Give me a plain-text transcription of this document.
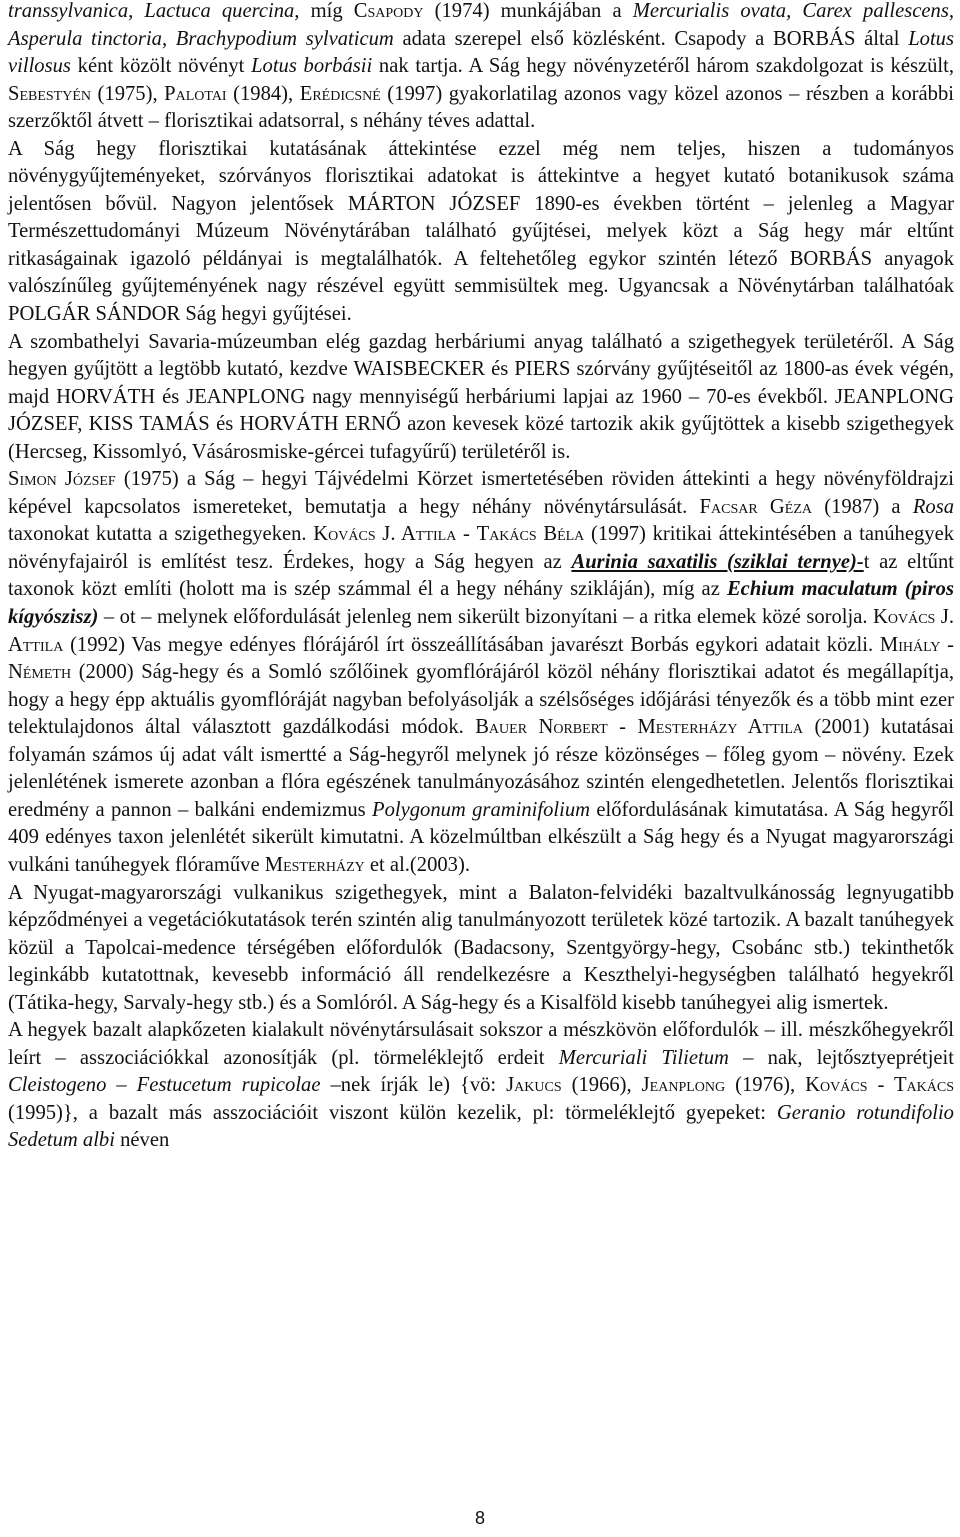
transsylvanica, Lactuca quercina, míg Csapody (1974) munkájában a Mercurialis ovata, Carex pallescens, Asperula tinctoria, Brachypodium sylvaticum adata szerepel első közlésként. Csapody a BORBÁS által Lotus villosus ként közölt növényt Lotus borbásii nak tartja. A Ság hegy növényzetéről három szakdolgozat is készült, Sebestyén (1975), Palotai (1984), Erédicsné (1997) gyakorlatilag azonos vagy közel azonos – részben a korábbi szerzőktől átvett – florisztikai adatsorral, s néhány téves adattal.

A Ság hegy florisztikai kutatásának áttekintése ezzel még nem teljes, hiszen a tudományos növénygyűjteményeket, szórványos florisztikai adatokat is áttekintve a hegyet kutató botanikusok száma jelentősen bővül. Nagyon jelentősek MÁRTON JÓZSEF 1890-es években történt – jelenleg a Magyar Természettudományi Múzeum Növénytárában található gyűjtései, melyek közt a Ság hegy már eltűnt ritkaságainak igazoló példányai is megtalálhatók. A feltehetőleg egykor szintén létező BORBÁS anyagok valószínűleg gyűjteményének nagy részével együtt semmisültek meg. Ugyancsak a Növénytárban találhatóak POLGÁR SÁNDOR Ság hegyi gyűjtései.

A szombathelyi Savaria-múzeumban elég gazdag herbáriumi anyag található a szigethegyek területéről. A Ság hegyen gyűjtött a legtöbb kutató, kezdve WAISBECKER és PIERS szórvány gyűjtéseitől az 1800-as évek végén, majd HORVÁTH és JEANPLONG nagy mennyiségű herbáriumi lapjai az 1960 – 70-es évekből. JEANPLONG JÓZSEF, KISS TAMÁS és HORVÁTH ERNŐ azon kevesek közé tartozik akik gyűjtöttek a kisebb szigethegyek (Hercseg, Kissomlyó, Vásárosmiske-gércei tufagyűrű) területéről is.

Simon József (1975) a Ság – hegyi Tájvédelmi Körzet ismertetésében röviden áttekinti a hegy növényföldrajzi képével kapcsolatos ismereteket, bemutatja a hegy néhány növénytársulását. Facsar Géza (1987) a Rosa taxonokat kutatta a szigethegyeken. Kovács J. Attila - Takács Béla (1997) kritikai áttekintésében a tanúhegyek növényfajairól is említést tesz. Érdekes, hogy a Ság hegyen az Aurinia saxatilis (sziklai ternye)-t az eltűnt taxonok közt említi (holott ma is szép számmal él a hegy néhány szikláján), míg az Echium maculatum (piros kígyószisz) – ot – melynek előfordulását jelenleg nem sikerült bizonyítani – a ritka elemek közé sorolja. Kovács J. Attila (1992) Vas megye edényes flórájáról írt összeállításában javarészt Borbás egykori adatait közli. Mihály - Németh (2000) Ság-hegy és a Somló szőlőinek gyomflórájáról közöl néhány florisztikai adatot és megállapítja, hogy a hegy épp aktuális gyomflóráját nagyban befolyásolják a szélsőséges időjárási tényezők és a több mint ezer telektulajdonos által választott gazdálkodási módok. Bauer Norbert - Mesterházy Attila (2001) kutatásai folyamán számos új adat vált ismertté a Ság-hegyről melynek jó része közönséges – főleg gyom – növény. Ezek jelenlétének ismerete azonban a flóra egészének tanulmányozásához szintén elengedhetetlen. Jelentős florisztikai eredmény a pannon – balkáni endemizmus Polygonum graminifolium előfordulásának kimutatása. A Ság hegyről 409 edényes taxon jelenlétét sikerült kimutatni. A közelmúltban elkészült a Ság hegy és a Nyugat magyarországi vulkáni tanúhegyek flóraműve Mesterházy et al.(2003).

A Nyugat-magyarországi vulkanikus szigethegyek, mint a Balaton-felvidéki bazaltvulkánosság legnyugatibb képződményei a vegetációkutatások terén szintén alig tanulmányozott területek közé tartozik. A bazalt tanúhegyek közül a Tapolcai-medence térségében előfordulók (Badacsony, Szentgyörgy-hegy, Csobánc stb.) tekinthetők leginkább kutatottnak, kevesebb információ áll rendelkezésre a Keszthelyi-hegységben található hegyekről (Tátika-hegy, Sarvaly-hegy stb.) és a Somlóról. A Ság-hegy és a Kisalföld kisebb tanúhegyei alig ismertek.

A hegyek bazalt alapkőzeten kialakult növénytársulásait sokszor a mészkövön előfordulók – ill. mészkőhegyekről leírt – asszociációkkal azonosítják (pl. törmeléklejtő erdeit Mercuriali Tilietum – nak, lejtősztyeprétjeit Cleistogeno – Festucetum rupicolae –nek írják le) {vö: Jakucs (1966), Jeanplong (1976), Kovács - Takács (1995)}, a bazalt más asszociációit viszont külön kezelik, pl: törmeléklejtő gyepeket: Geranio rotundifolio Sedetum albi néven

8
